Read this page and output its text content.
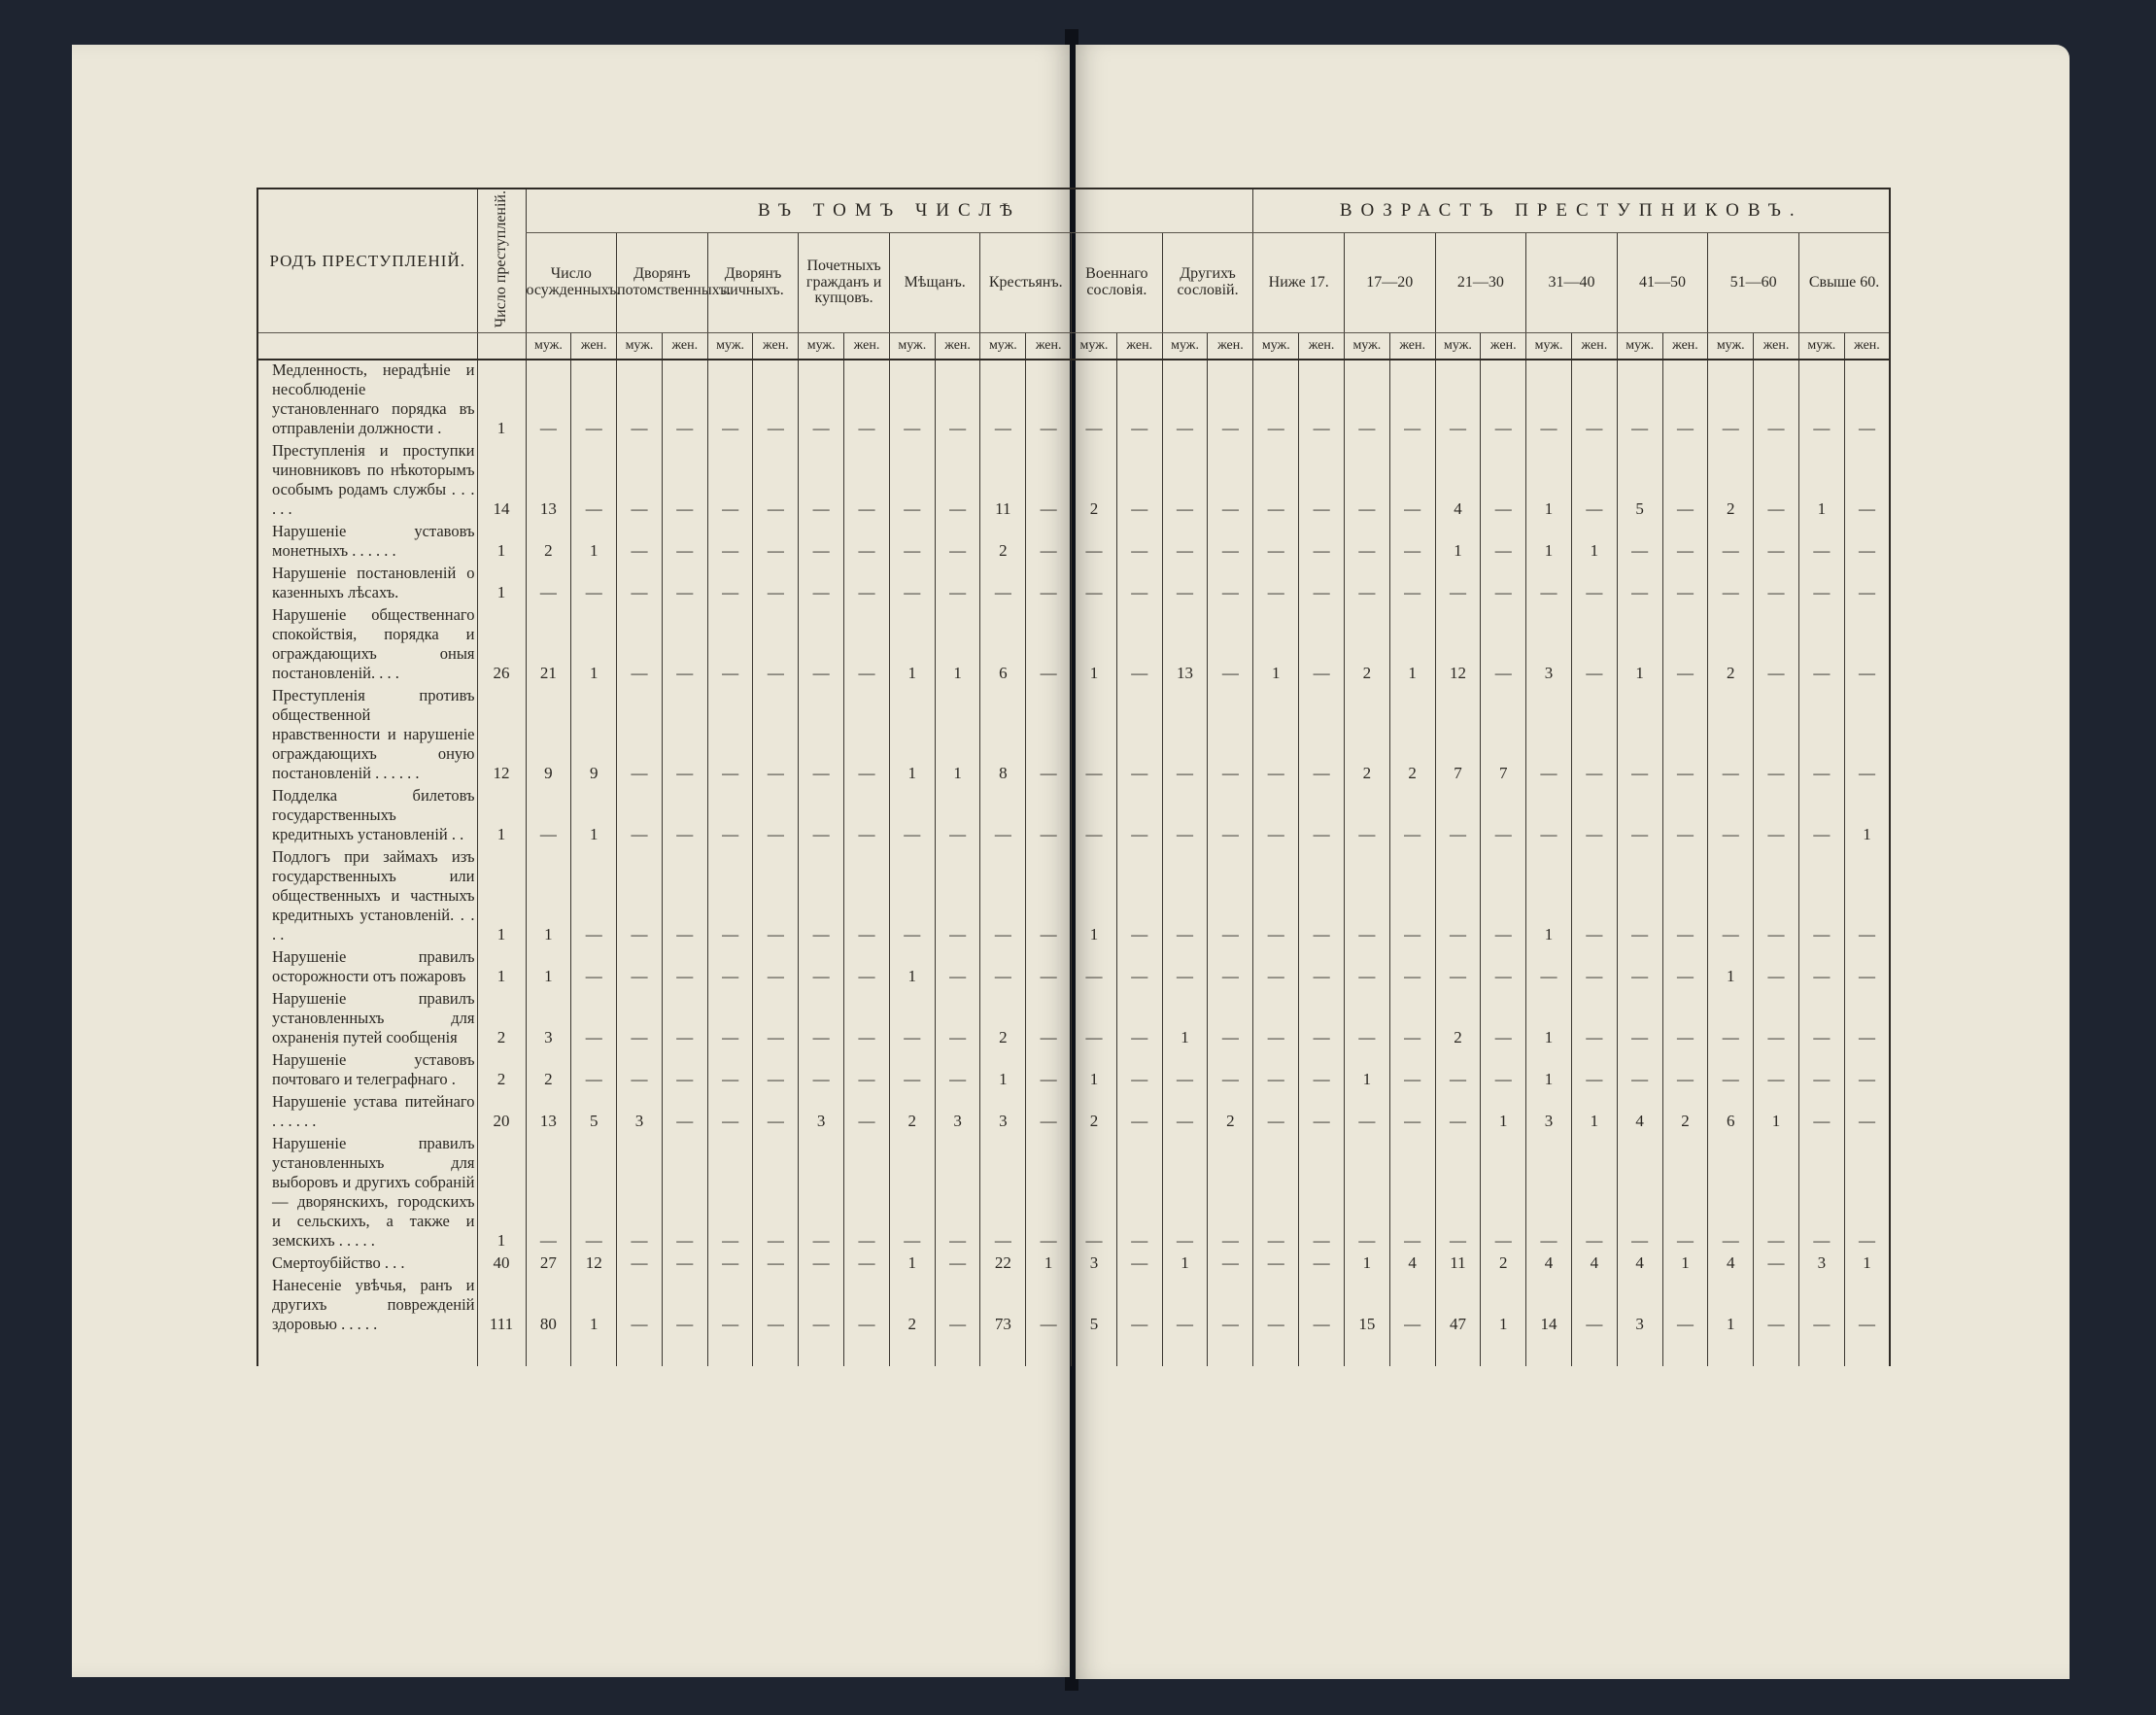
РОДЪ ПРЕСТУПЛЕНІЙ.	Число преступленій.	ВЪ ТОМЪ ЧИСЛѢ																ВОЗРАСТЪ ПРЕСТУПНИКОВЪ.													
		Число осужденныхъ.		Дворянъ потомственныхъ.		Дворянъ личныхъ.		Почетныхъ гражданъ и купцовъ.		Мѣщанъ.		Крестьянъ.		Военнаго сословія.		Другихъ сословій.		Ниже 17.		17—20		21—30		31—40		41—50		51—60		Свыше 60.	
		муж.	жен.	муж.	жен.	муж.	жен.	муж.	жен.	муж.	жен.	муж.	жен.	муж.	жен.	муж.	жен.	муж.	жен.	муж.	жен.	муж.	жен.	муж.	жен.	муж.	жен.	муж.	жен.	муж.	жен.

Медленность, нерадѣніе и несоблюденіе установленнаго порядка въ отправленіи должности .	1	—	—	—	—	—	—	—	—	—	—	—	—	—	—	—	—	—	—	—	—	—	—	—	—	—	—	—	—	—	—
Преступленія и проступки чиновниковъ по нѣкоторымъ особымъ родамъ службы . . . . . .	14	13	—	—	—	—	—	—	—	—	—	11	—	2	—	—	—	—	—	—	—	4	—	1	—	5	—	2	—	1	—
Нарушеніе уставовъ монетныхъ . . . . . .	1	2	1	—	—	—	—	—	—	—	—	2	—	—	—	—	—	—	—	—	—	1	—	1	1	—	—	—	—	—	—
Нарушеніе постановленій о казенныхъ лѣсахъ.	1	—	—	—	—	—	—	—	—	—	—	—	—	—	—	—	—	—	—	—	—	—	—	—	—	—	—	—	—	—	—
Нарушеніе общественнаго спокойствія, порядка и ограждающихъ оныя постановленій. . . .	26	21	1	—	—	—	—	—	—	1	1	6	—	1	—	13	—	1	—	2	1	12	—	3	—	1	—	2	—	—	—
Преступленія противъ общественной нравственности и нарушеніе ограждающихъ оную постановленій . . . . . .	12	9	9	—	—	—	—	—	—	1	1	8	—	—	—	—	—	—	—	2	2	7	7	—	—	—	—	—	—	—	—
Подделка билетовъ государственныхъ кредитныхъ установленій . .	1	—	1	—	—	—	—	—	—	—	—	—	—	—	—	—	—	—	—	—	—	—	—	—	—	—	—	—	—	—	1
Подлогъ при займахъ изъ государственныхъ или общественныхъ и частныхъ кредитныхъ установленій. . . . .	1	1	—	—	—	—	—	—	—	—	—	—	—	1	—	—	—	—	—	—	—	—	—	1	—	—	—	—	—	—	—
Нарушеніе правилъ осторожности отъ пожаровъ	1	1	—	—	—	—	—	—	—	1	—	—	—	—	—	—	—	—	—	—	—	—	—	—	—	—	—	1	—	—	—
Нарушеніе правилъ установленныхъ для охраненія путей сообщенія	2	3	—	—	—	—	—	—	—	—	—	2	—	—	—	1	—	—	—	—	—	2	—	1	—	—	—	—	—	—	—
Нарушеніе уставовъ почтоваго и телеграфнаго .	2	2	—	—	—	—	—	—	—	—	—	1	—	1	—	—	—	—	—	1	—	—	—	1	—	—	—	—	—	—	—
Нарушеніе устава питейнаго . . . . . .	20	13	5	3	—	—	—	3	—	2	3	3	—	2	—	—	2	—	—	—	—	—	1	3	1	4	2	6	1	—	—
Нарушеніе правилъ установленныхъ для выборовъ и другихъ собраній— дворянскихъ, городскихъ и сельскихъ, а также и земскихъ . . . . .	1	—	—	—	—	—	—	—	—	—	—	—	—	—	—	—	—	—	—	—	—	—	—	—	—	—	—	—	—	—	—
Смертоубійство . . .	40	27	12	—	—	—	—	—	—	1	—	22	1	3	—	1	—	—	—	1	4	11	2	4	4	4	1	4	—	3	1
Нанесеніе увѣчья, ранъ и другихъ поврежденій здоровью . . . . .	111	80	1	—	—	—	—	—	—	2	—	73	—	5	—	—	—	—	—	15	—	47	1	14	—	3	—	1	—	—	—
